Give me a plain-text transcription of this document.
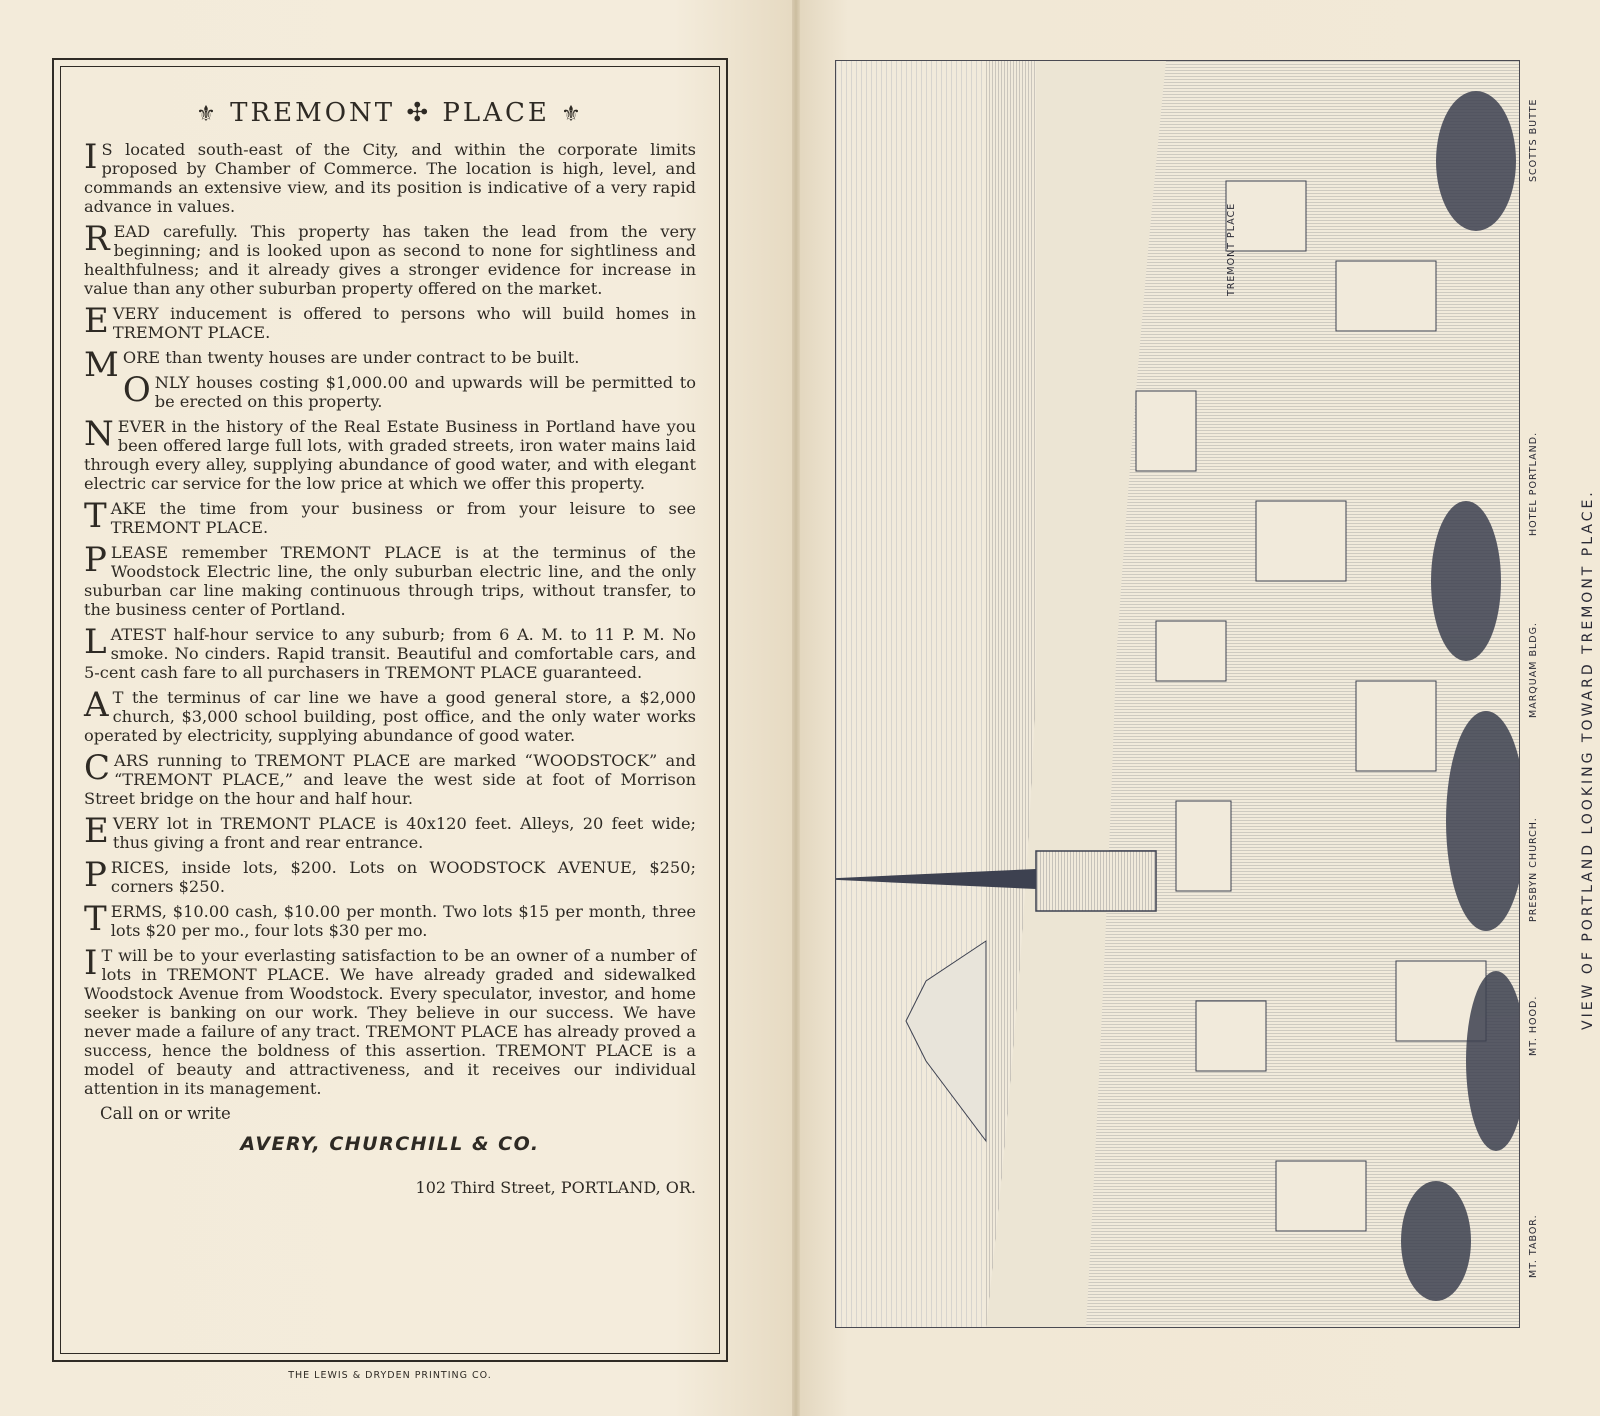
⚜ TREMONT ✣ PLACE ⚜
I S located south-east of the City, and within the corporate limits proposed by Chamber of Commerce. The location is high, level, and commands an extensive view, and its position is indicative of a very rapid advance in values.
READ carefully. This property has taken the lead from the very beginning; and is looked upon as second to none for sightliness and healthfulness; and it already gives a stronger evidence for increase in value than any other suburban property offered on the market.
EVERY inducement is offered to persons who will build homes in TREMONT PLACE.
MORE than twenty houses are under contract to be built.
ONLY houses costing $1,000.00 and upwards will be permitted to be erected on this property.
NEVER in the history of the Real Estate Business in Portland have you been offered large full lots, with graded streets, iron water mains laid through every alley, supplying abundance of good water, and with elegant electric car service for the low price at which we offer this property.
TAKE the time from your business or from your leisure to see TREMONT PLACE.
PLEASE remember TREMONT PLACE is at the terminus of the Woodstock Electric line, the only suburban electric line, and the only suburban car line making continuous through trips, without transfer, to the business center of Portland.
LATEST half-hour service to any suburb; from 6 A. M. to 11 P. M. No smoke. No cinders. Rapid transit. Beautiful and comfortable cars, and 5-cent cash fare to all purchasers in TREMONT PLACE guaranteed.
A T the terminus of car line we have a good general store, a $2,000 church, $3,000 school building, post office, and the only water works operated by electricity, supplying abundance of good water.
CARS running to TREMONT PLACE are marked “WOODSTOCK” and “TREMONT PLACE,” and leave the west side at foot of Morrison Street bridge on the hour and half hour.
EVERY lot in TREMONT PLACE is 40x120 feet. Alleys, 20 feet wide; thus giving a front and rear entrance.
PRICES, inside lots, $200. Lots on WOODSTOCK AVENUE, $250; corners $250.
TERMS, $10.00 cash, $10.00 per month. Two lots $15 per month, three lots $20 per mo., four lots $30 per mo.
I T will be to your everlasting satisfaction to be an owner of a number of lots in TREMONT PLACE. We have already graded and sidewalked Woodstock Avenue from Woodstock. Every speculator, investor, and home seeker is banking on our work. They believe in our success. We have never made a failure of any tract. TREMONT PLACE has already proved a success, hence the boldness of this assertion. TREMONT PLACE is a model of beauty and attractiveness, and it receives our individual attention in its management.
Call on or write
AVERY, CHURCHILL & CO.
102 Third Street, PORTLAND, OR.
THE LEWIS & DRYDEN PRINTING CO.
TREMONT PLACE
SCOTTS BUTTE
HOTEL PORTLAND.
MARQUAM BLDG.
PRESBYN CHURCH.
MT. HOOD.
MT. TABOR.
VIEW OF PORTLAND LOOKING TOWARD TREMONT PLACE.
